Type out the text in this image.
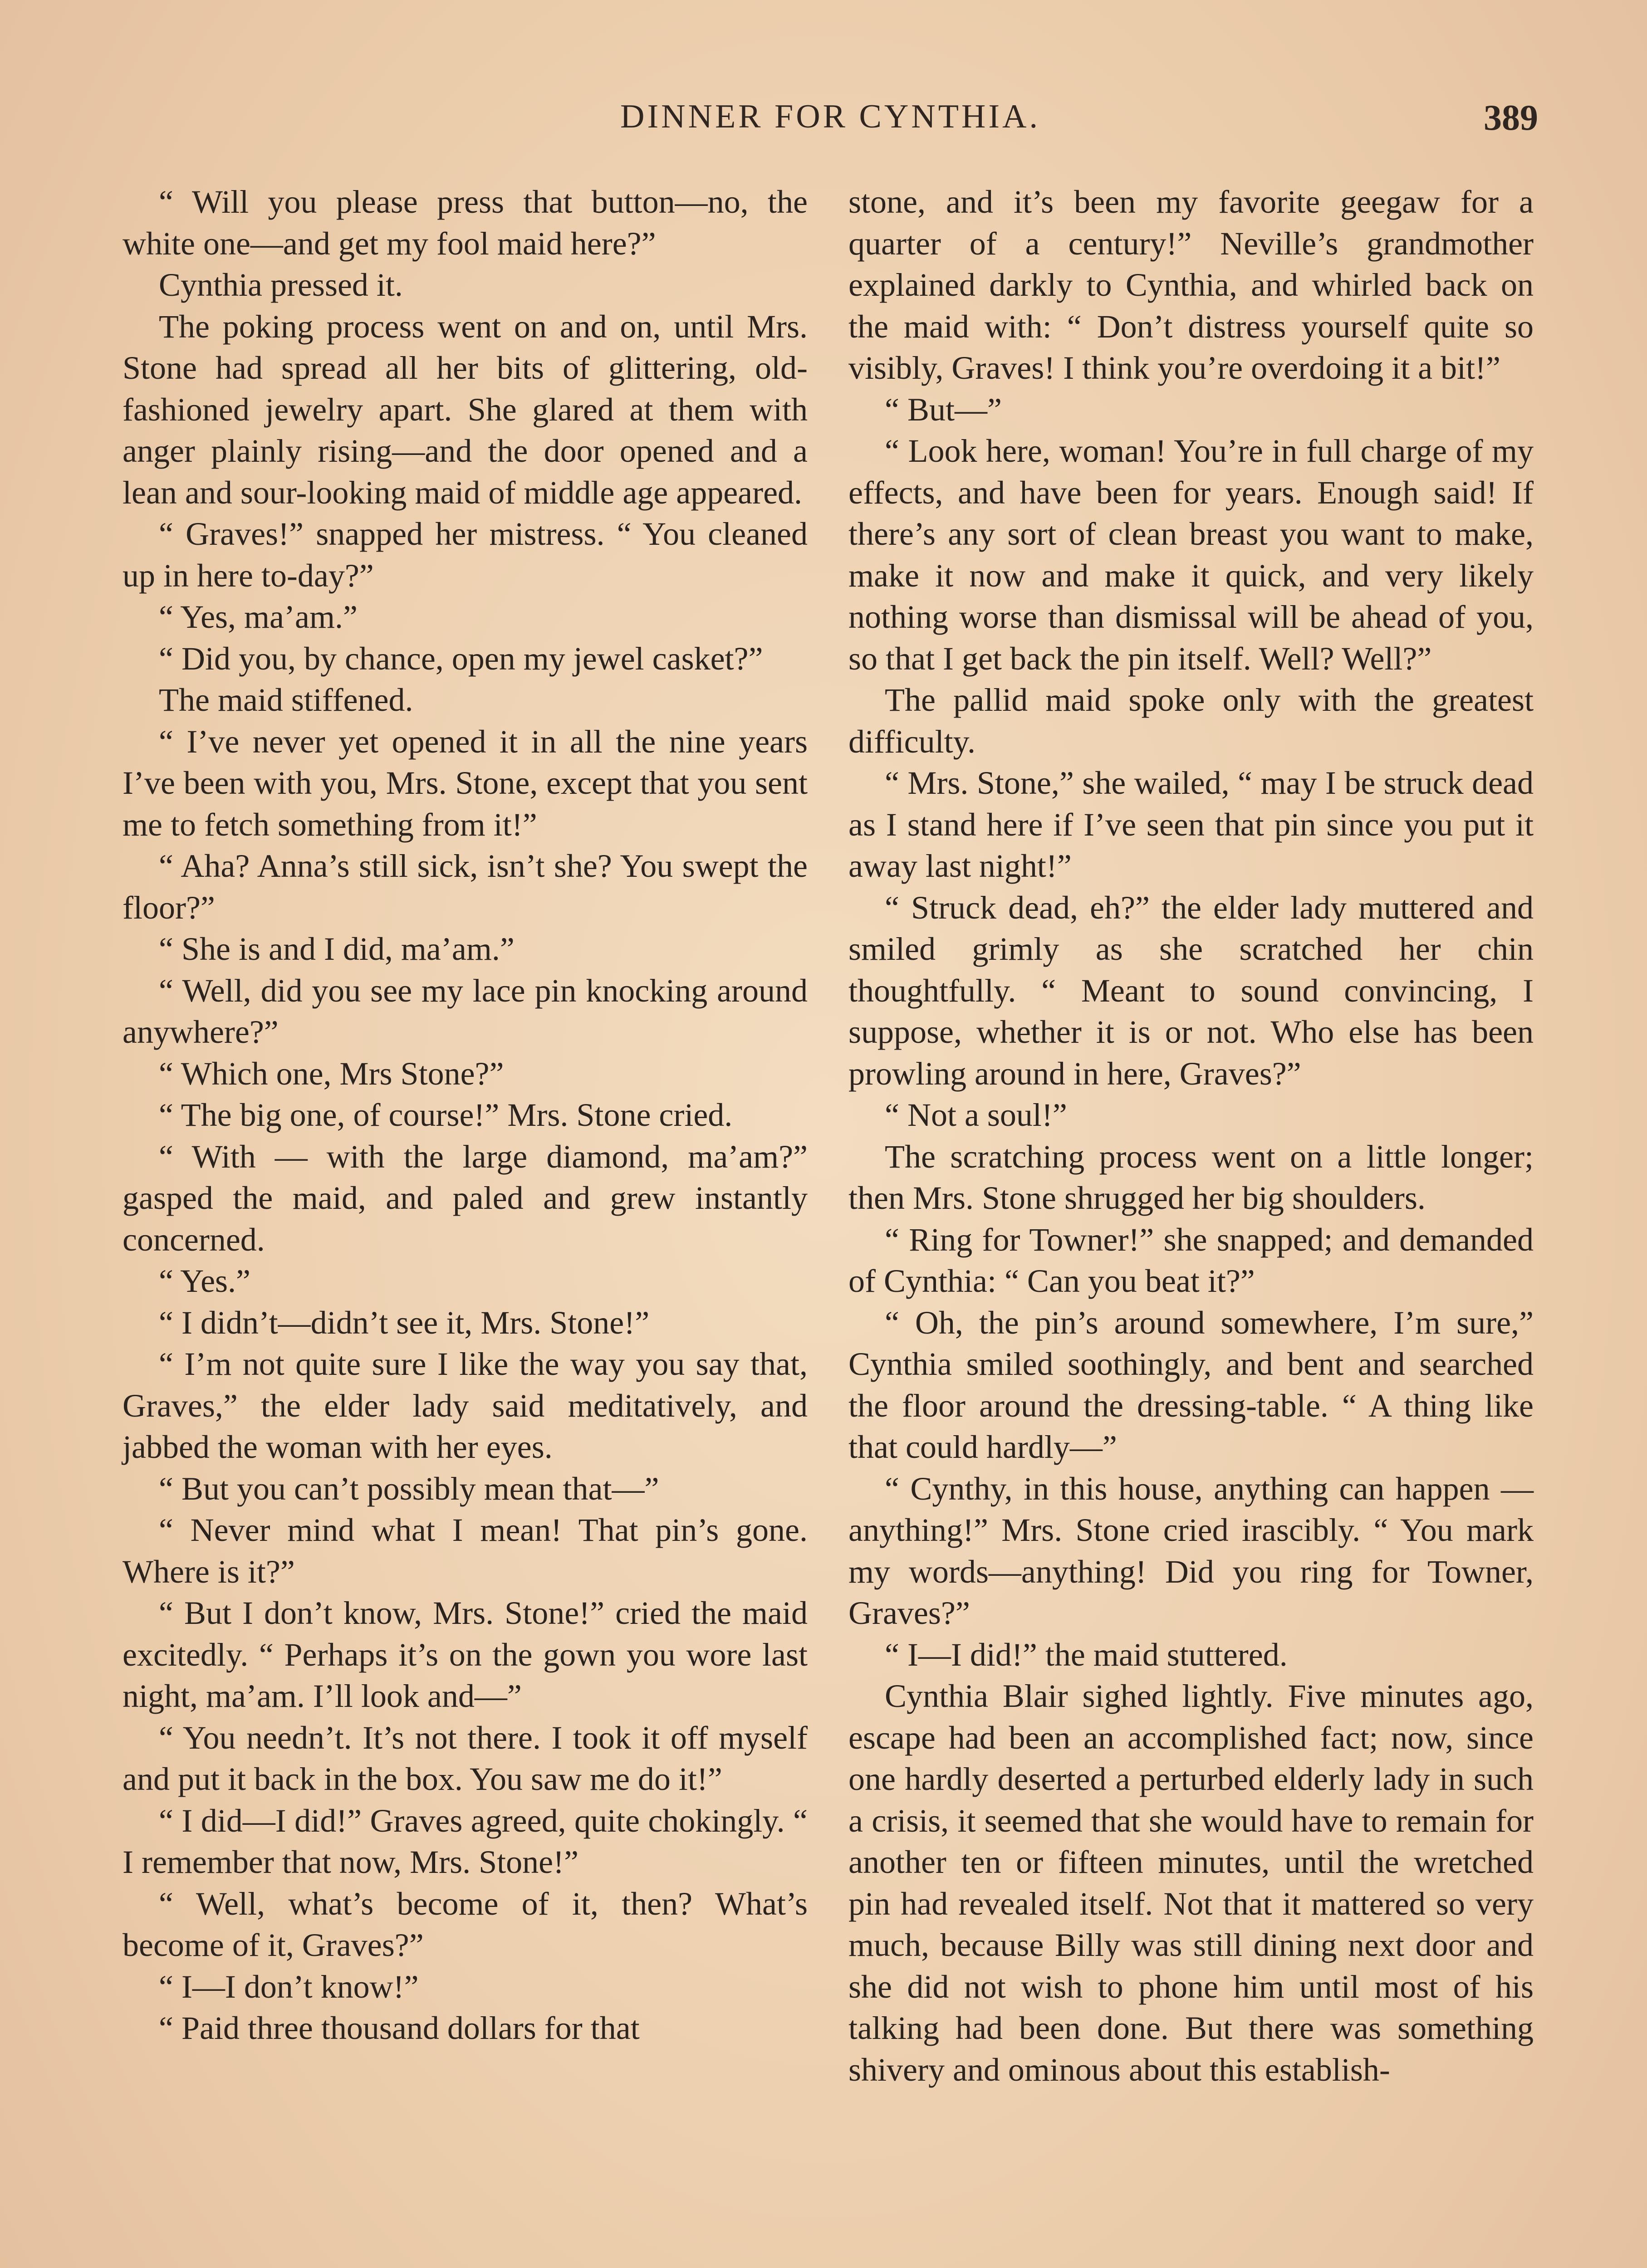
DINNER FOR CYNTHIA.	389

“ Will you please press that button—no, the white one—and get my fool maid here?”

Cynthia pressed it.

The poking process went on and on, until Mrs. Stone had spread all her bits of glittering, old-fashioned jewelry apart. She glared at them with anger plainly rising—and the door opened and a lean and sour-looking maid of middle age appeared.

“ Graves!” snapped her mistress. “ You cleaned up in here to-day?”

“ Yes, ma’am.”

“ Did you, by chance, open my jewel casket?”

The maid stiffened.

“ I’ve never yet opened it in all the nine years I’ve been with you, Mrs. Stone, except that you sent me to fetch something from it!”

“ Aha? Anna’s still sick, isn’t she? You swept the floor?”

“ She is and I did, ma’am.”

“ Well, did you see my lace pin knocking around anywhere?”

“ Which one, Mrs Stone?”

“ The big one, of course!” Mrs. Stone cried.

“ With — with the large diamond, ma’am?” gasped the maid, and paled and grew instantly concerned.

“ Yes.”

“ I didn’t—didn’t see it, Mrs. Stone!”

“ I’m not quite sure I like the way you say that, Graves,” the elder lady said meditatively, and jabbed the woman with her eyes.

“ But you can’t possibly mean that—”

“ Never mind what I mean! That pin’s gone. Where is it?”

“ But I don’t know, Mrs. Stone!” cried the maid excitedly. “ Perhaps it’s on the gown you wore last night, ma’am. I’ll look and—”

“ You needn’t. It’s not there. I took it off myself and put it back in the box. You saw me do it!”

“ I did—I did!” Graves agreed, quite chokingly. “ I remember that now, Mrs. Stone!”

“ Well, what’s become of it, then? What’s become of it, Graves?”

“ I—I don’t know!”

“ Paid three thousand dollars for that

stone, and it’s been my favorite geegaw for a quarter of a century!” Neville’s grandmother explained darkly to Cynthia, and whirled back on the maid with: “ Don’t distress yourself quite so visibly, Graves! I think you’re overdoing it a bit!”

“ But—”

“ Look here, woman! You’re in full charge of my effects, and have been for years. Enough said! If there’s any sort of clean breast you want to make, make it now and make it quick, and very likely nothing worse than dismissal will be ahead of you, so that I get back the pin itself. Well? Well?”

The pallid maid spoke only with the greatest difficulty.

“ Mrs. Stone,” she wailed, “ may I be struck dead as I stand here if I’ve seen that pin since you put it away last night!”

“ Struck dead, eh?” the elder lady muttered and smiled grimly as she scratched her chin thoughtfully. “ Meant to sound convincing, I suppose, whether it is or not. Who else has been prowling around in here, Graves?”

“ Not a soul!”

The scratching process went on a little longer; then Mrs. Stone shrugged her big shoulders.

“ Ring for Towner!” she snapped; and demanded of Cynthia: “ Can you beat it?”

“ Oh, the pin’s around somewhere, I’m sure,” Cynthia smiled soothingly, and bent and searched the floor around the dressing-table. “ A thing like that could hardly—”

“ Cynthy, in this house, anything can happen — anything!” Mrs. Stone cried irascibly. “ You mark my words—anything! Did you ring for Towner, Graves?”

“ I—I did!” the maid stuttered.

Cynthia Blair sighed lightly. Five minutes ago, escape had been an accomplished fact; now, since one hardly deserted a perturbed elderly lady in such a crisis, it seemed that she would have to remain for another ten or fifteen minutes, until the wretched pin had revealed itself. Not that it mattered so very much, because Billy was still dining next door and she did not wish to phone him until most of his talking had been done. But there was something shivery and ominous about this establish-
